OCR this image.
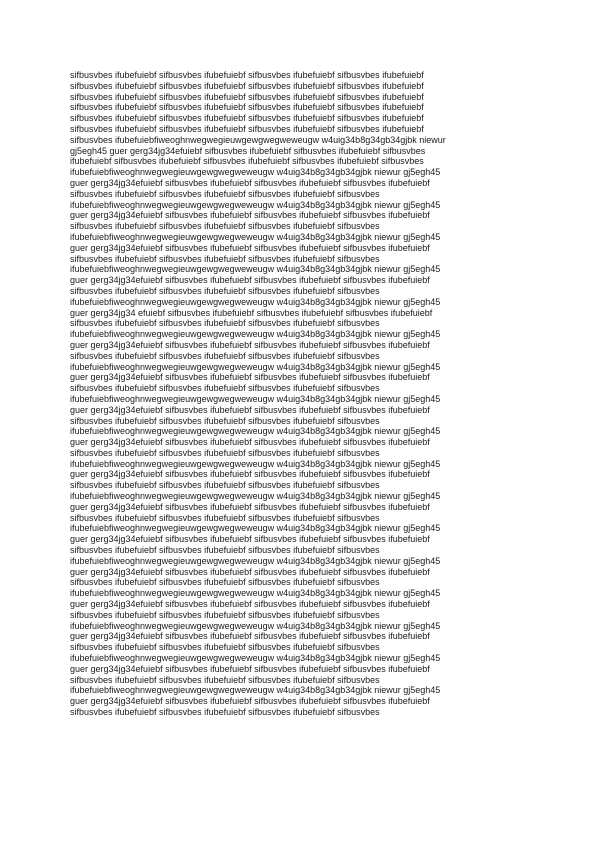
sifbusvbes ifubefuiebf sifbusvbes ifubefuiebf sifbusvbes ifubefuiebf sifbusvbes ifubefuiebf
sifbusvbes ifubefuiebf sifbusvbes ifubefuiebf sifbusvbes ifubefuiebf sifbusvbes ifubefuiebf
sifbusvbes ifubefuiebf sifbusvbes ifubefuiebf sifbusvbes ifubefuiebf sifbusvbes ifubefuiebf
sifbusvbes ifubefuiebf sifbusvbes ifubefuiebf sifbusvbes ifubefuiebf sifbusvbes ifubefuiebf
sifbusvbes ifubefuiebf sifbusvbes ifubefuiebf sifbusvbes ifubefuiebf sifbusvbes ifubefuiebf
sifbusvbes ifubefuiebf sifbusvbes ifubefuiebf sifbusvbes ifubefuiebf sifbusvbes ifubefuiebf
sifbusvbes ifubefuiebfiweoghnwegwegieuwgewgwegweweugw w4uig34b8g34gb34gjbk niewur
gj5egh45 guer gerg34jg34efuiebf sifbusvbes ifubefuiebf sifbusvbes ifubefuiebf sifbusvbes
ifubefuiebf sifbusvbes ifubefuiebf sifbusvbes ifubefuiebf sifbusvbes ifubefuiebf sifbusvbes
ifubefuiebfiweoghnwegwegieuwgewgwegweweugw w4uig34b8g34gb34gjbk niewur gj5egh45
guer gerg34jg34efuiebf sifbusvbes ifubefuiebf sifbusvbes ifubefuiebf sifbusvbes ifubefuiebf
sifbusvbes ifubefuiebf sifbusvbes ifubefuiebf sifbusvbes ifubefuiebf sifbusvbes
ifubefuiebfiweoghnwegwegieuwgewgwegweweugw w4uig34b8g34gb34gjbk niewur gj5egh45
guer gerg34jg34efuiebf sifbusvbes ifubefuiebf sifbusvbes ifubefuiebf sifbusvbes ifubefuiebf
sifbusvbes ifubefuiebf sifbusvbes ifubefuiebf sifbusvbes ifubefuiebf sifbusvbes
ifubefuiebfiweoghnwegwegieuwgewgwegweweugw w4uig34b8g34gb34gjbk niewur gj5egh45
guer gerg34jg34efuiebf sifbusvbes ifubefuiebf sifbusvbes ifubefuiebf sifbusvbes ifubefuiebf
sifbusvbes ifubefuiebf sifbusvbes ifubefuiebf sifbusvbes ifubefuiebf sifbusvbes
ifubefuiebfiweoghnwegwegieuwgewgwegweweugw w4uig34b8g34gb34gjbk niewur gj5egh45
guer gerg34jg34efuiebf sifbusvbes ifubefuiebf sifbusvbes ifubefuiebf sifbusvbes ifubefuiebf
sifbusvbes ifubefuiebf sifbusvbes ifubefuiebf sifbusvbes ifubefuiebf sifbusvbes
ifubefuiebfiweoghnwegwegieuwgewgwegweweugw w4uig34b8g34gb34gjbk niewur gj5egh45
guer gerg34jg34 efuiebf sifbusvbes ifubefuiebf sifbusvbes ifubefuiebf sifbusvbes ifubefuiebf
sifbusvbes ifubefuiebf sifbusvbes ifubefuiebf sifbusvbes ifubefuiebf sifbusvbes
ifubefuiebfiweoghnwegwegieuwgewgwegweweugw w4uig34b8g34gb34gjbk niewur gj5egh45
guer gerg34jg34efuiebf sifbusvbes ifubefuiebf sifbusvbes ifubefuiebf sifbusvbes ifubefuiebf
sifbusvbes ifubefuiebf sifbusvbes ifubefuiebf sifbusvbes ifubefuiebf sifbusvbes
ifubefuiebfiweoghnwegwegieuwgewgwegweweugw w4uig34b8g34gb34gjbk niewur gj5egh45
guer gerg34jg34efuiebf sifbusvbes ifubefuiebf sifbusvbes ifubefuiebf sifbusvbes ifubefuiebf
sifbusvbes ifubefuiebf sifbusvbes ifubefuiebf sifbusvbes ifubefuiebf sifbusvbes
ifubefuiebfiweoghnwegwegieuwgewgwegweweugw w4uig34b8g34gb34gjbk niewur gj5egh45
guer gerg34jg34efuiebf sifbusvbes ifubefuiebf sifbusvbes ifubefuiebf sifbusvbes ifubefuiebf
sifbusvbes ifubefuiebf sifbusvbes ifubefuiebf sifbusvbes ifubefuiebf sifbusvbes
ifubefuiebfiweoghnwegwegieuwgewgwegweweugw w4uig34b8g34gb34gjbk niewur gj5egh45
guer gerg34jg34efuiebf sifbusvbes ifubefuiebf sifbusvbes ifubefuiebf sifbusvbes ifubefuiebf
sifbusvbes ifubefuiebf sifbusvbes ifubefuiebf sifbusvbes ifubefuiebf sifbusvbes
ifubefuiebfiweoghnwegwegieuwgewgwegweweugw w4uig34b8g34gb34gjbk niewur gj5egh45
guer gerg34jg34efuiebf sifbusvbes ifubefuiebf sifbusvbes ifubefuiebf sifbusvbes ifubefuiebf
sifbusvbes ifubefuiebf sifbusvbes ifubefuiebf sifbusvbes ifubefuiebf sifbusvbes
ifubefuiebfiweoghnwegwegieuwgewgwegweweugw w4uig34b8g34gb34gjbk niewur gj5egh45
guer gerg34jg34efuiebf sifbusvbes ifubefuiebf sifbusvbes ifubefuiebf sifbusvbes ifubefuiebf
sifbusvbes ifubefuiebf sifbusvbes ifubefuiebf sifbusvbes ifubefuiebf sifbusvbes
ifubefuiebfiweoghnwegwegieuwgewgwegweweugw w4uig34b8g34gb34gjbk niewur gj5egh45
guer gerg34jg34efuiebf sifbusvbes ifubefuiebf sifbusvbes ifubefuiebf sifbusvbes ifubefuiebf
sifbusvbes ifubefuiebf sifbusvbes ifubefuiebf sifbusvbes ifubefuiebf sifbusvbes
ifubefuiebfiweoghnwegwegieuwgewgwegweweugw w4uig34b8g34gb34gjbk niewur gj5egh45
guer gerg34jg34efuiebf sifbusvbes ifubefuiebf sifbusvbes ifubefuiebf sifbusvbes ifubefuiebf
sifbusvbes ifubefuiebf sifbusvbes ifubefuiebf sifbusvbes ifubefuiebf sifbusvbes
ifubefuiebfiweoghnwegwegieuwgewgwegweweugw w4uig34b8g34gb34gjbk niewur gj5egh45
guer gerg34jg34efuiebf sifbusvbes ifubefuiebf sifbusvbes ifubefuiebf sifbusvbes ifubefuiebf
sifbusvbes ifubefuiebf sifbusvbes ifubefuiebf sifbusvbes ifubefuiebf sifbusvbes
ifubefuiebfiweoghnwegwegieuwgewgwegweweugw w4uig34b8g34gb34gjbk niewur gj5egh45
guer gerg34jg34efuiebf sifbusvbes ifubefuiebf sifbusvbes ifubefuiebf sifbusvbes ifubefuiebf
sifbusvbes ifubefuiebf sifbusvbes ifubefuiebf sifbusvbes ifubefuiebf sifbusvbes
ifubefuiebfiweoghnwegwegieuwgewgwegweweugw w4uig34b8g34gb34gjbk niewur gj5egh45
guer gerg34jg34efuiebf sifbusvbes ifubefuiebf sifbusvbes ifubefuiebf sifbusvbes ifubefuiebf
sifbusvbes ifubefuiebf sifbusvbes ifubefuiebf sifbusvbes ifubefuiebf sifbusvbes
ifubefuiebfiweoghnwegwegieuwgewgwegweweugw w4uig34b8g34gb34gjbk niewur gj5egh45
guer gerg34jg34efuiebf sifbusvbes ifubefuiebf sifbusvbes ifubefuiebf sifbusvbes ifubefuiebf
sifbusvbes ifubefuiebf sifbusvbes ifubefuiebf sifbusvbes ifubefuiebf sifbusvbes
